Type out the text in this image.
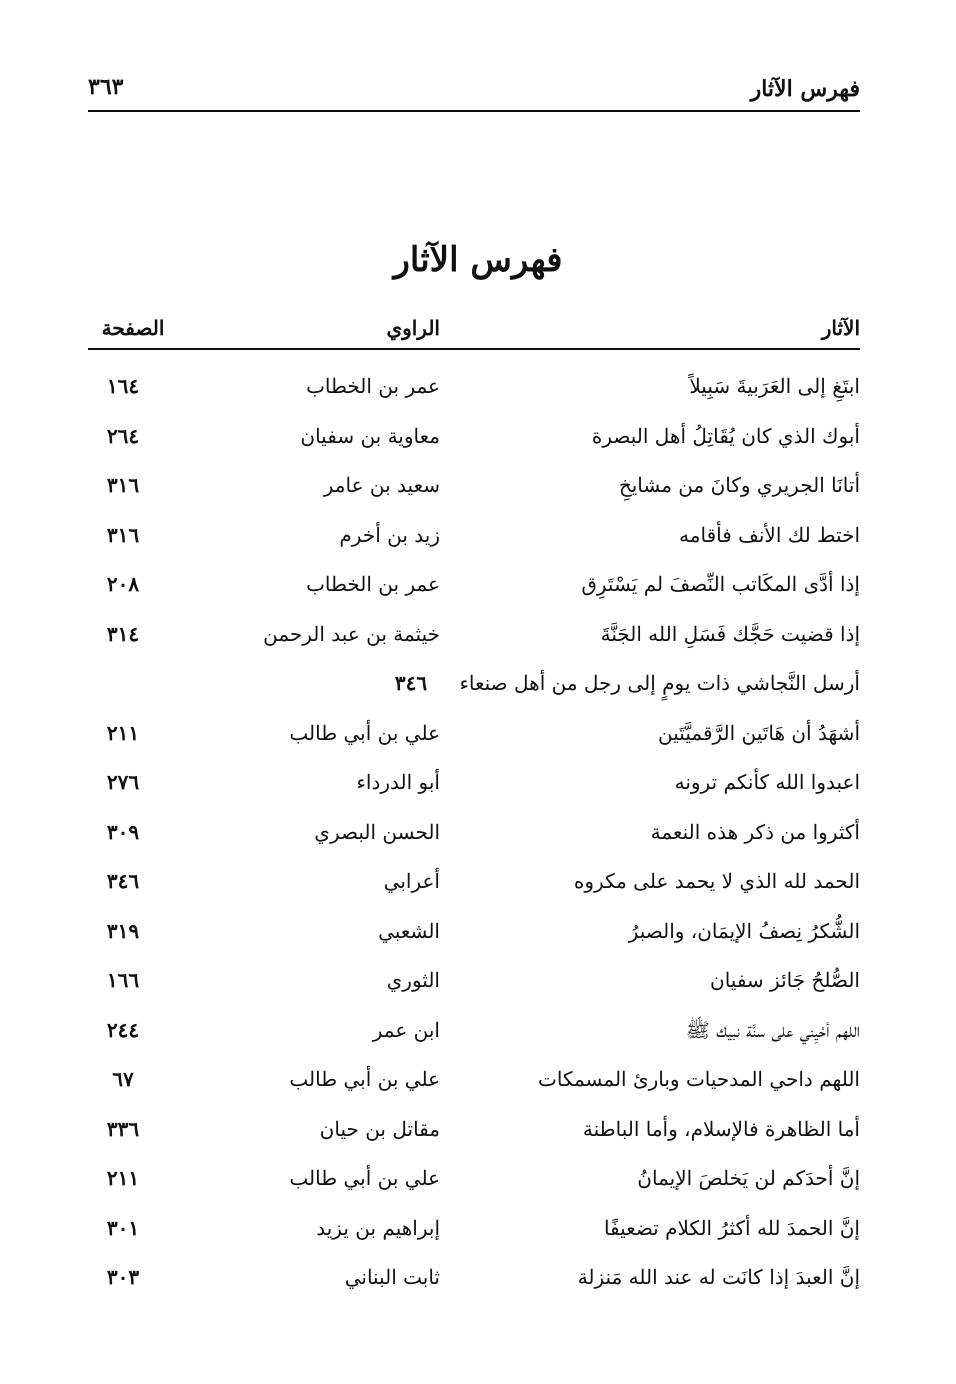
فهرس الآثار
٣٦٣
فهرس الآثار
الآثار
الراوي
الصفحة
ابتَغِ إلى العَرَبيةَ سَبِيلاً
عمر بن الخطاب
١٦٤
أبوك الذي كان يُقَاتِلُ أهل البصرة
معاوية بن سفيان
٢٦٤
أتانَا الجريري وكانَ من مشايخِ
سعيد بن عامر
٣١٦
اختط لك الأنف فأقامه
زيد بن أخرم
٣١٦
إذا أدَّى المكَاتب النِّصفَ لم يَسْتَرِق
عمر بن الخطاب
٢٠٨
إذا قضيت حَجَّك فَسَلِ الله الجَنَّةَ
خيثمة بن عبد الرحمن
٣١٤
أرسل النَّجاشي ذات يومٍ إلى رجل من أهل صنعاء ٣٤٦
أشهَدُ أن هَاتَين الرَّقميَّتَين
علي بن أبي طالب
٢١١
اعبدوا الله كأنكم ترونه
أبو الدرداء
٢٧٦
أكثروا من ذكر هذه النعمة
الحسن البصري
٣٠٩
الحمد لله الذي لا يحمد على مكروه
أعرابي
٣٤٦
الشُّكرُ نِصفُ الإيمَان، والصبرُ
الشعبي
٣١٩
الصُّلحُ جَائز سفيان
الثوري
١٦٦
اللهم أحْيِني على سنَّة نبيك ﷺ
ابن عمر
٢٤٤
اللهم داحي المدحيات وبارئ المسمكات
علي بن أبي طالب
٦٧
أما الظاهرة فالإسلام، وأما الباطنة
مقاتل بن حيان
٣٣٦
إنَّ أحدَكم لن يَخلصَ الإيمانُ
علي بن أبي طالب
٢١١
إنَّ الحمدَ لله أكثرُ الكلام تضعيفًا
إبراهيم بن يزيد
٣٠١
إنَّ العبدَ إذا كانَت له عند الله مَنزلة
ثابت البناني
٣٠٣
